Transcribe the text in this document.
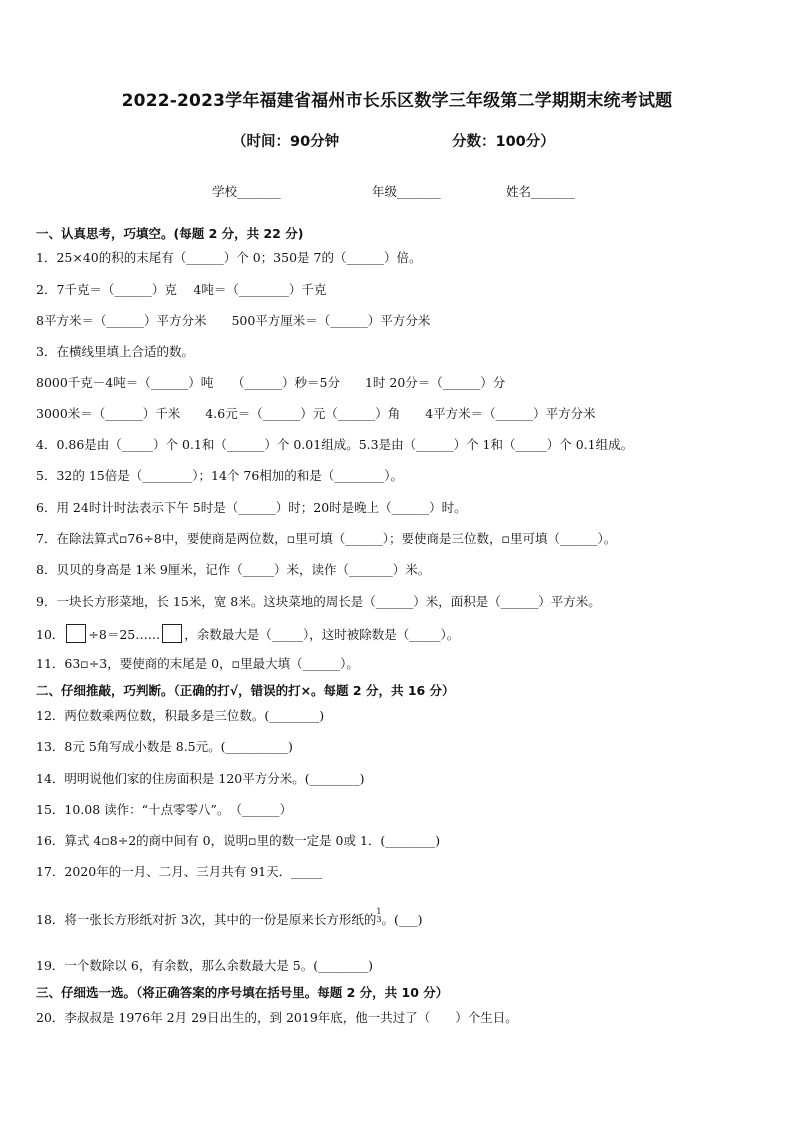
2022-2023学年福建省福州市长乐区数学三年级第二学期期末统考试题
（时间：90分钟	分数：100分）
学校_______	年级_______	姓名_______
一、认真思考，巧填空。(每题 2 分，共 22 分)
1．25×40的积的末尾有（______）个 0；350是 7的（______）倍。
2．7千克＝（______）克　 4吨＝（________）千克
8平方米＝（______）平方分米　　500平方厘米＝（______）平方分米
3．在横线里填上合适的数。
8000千克－4吨＝（______）吨　　（______）秒＝5分　　1时 20分＝（______）分
3000米＝（______）千米　　4.6元＝（______）元（______）角　　4平方米＝（______）平方分米
4．0.86是由（_____）个 0.1和（______）个 0.01组成。5.3是由（______）个 1和（_____）个 0.1组成。
5．32的 15倍是（________）；14个 76相加的和是（________）。
6．用 24时计时法表示下午 5时是（______）时；20时是晚上（______）时。
7．在除法算式▫76÷8中，要使商是两位数，▫里可填（______）；要使商是三位数，▫里可填（______）。
8．贝贝的身高是 1米 9厘米，记作（_____）米，读作（_______）米。
9．一块长方形菜地，长 15米，宽 8米。这块菜地的周长是（______）米，面积是（______）平方米。
10． ÷8＝25…… ，余数最大是（_____），这时被除数是（_____）。
11．63▫÷3，要使商的末尾是 0，▫里最大填（______）。
二、仔细推敲，巧判断。（正确的打√，错误的打×。每题 2 分，共 16 分）
12．两位数乘两位数，积最多是三位数。(________)
13．8元 5角写成小数是 8.5元。(__________)
14．明明说他们家的住房面积是 120平方分米。(________)
15．10.08 读作：“十点零零八”。　（______）
16．算式 4▫8÷2的商中间有 0，说明▫里的数一定是 0或 1．(________)
17．2020年的一月、二月、三月共有 91天．_____
18．将一张长方形纸对折 3次，其中的一份是原来长方形纸的
1
3 。(___)
19．一个数除以 6，有余数，那么余数最大是 5。(________)
三、仔细选一选。（将正确答案的序号填在括号里。每题 2 分，共 10 分）
20．李叔叔是 1976年 2月 29日出生的，到 2019年底，他一共过了（　　）个生日。
